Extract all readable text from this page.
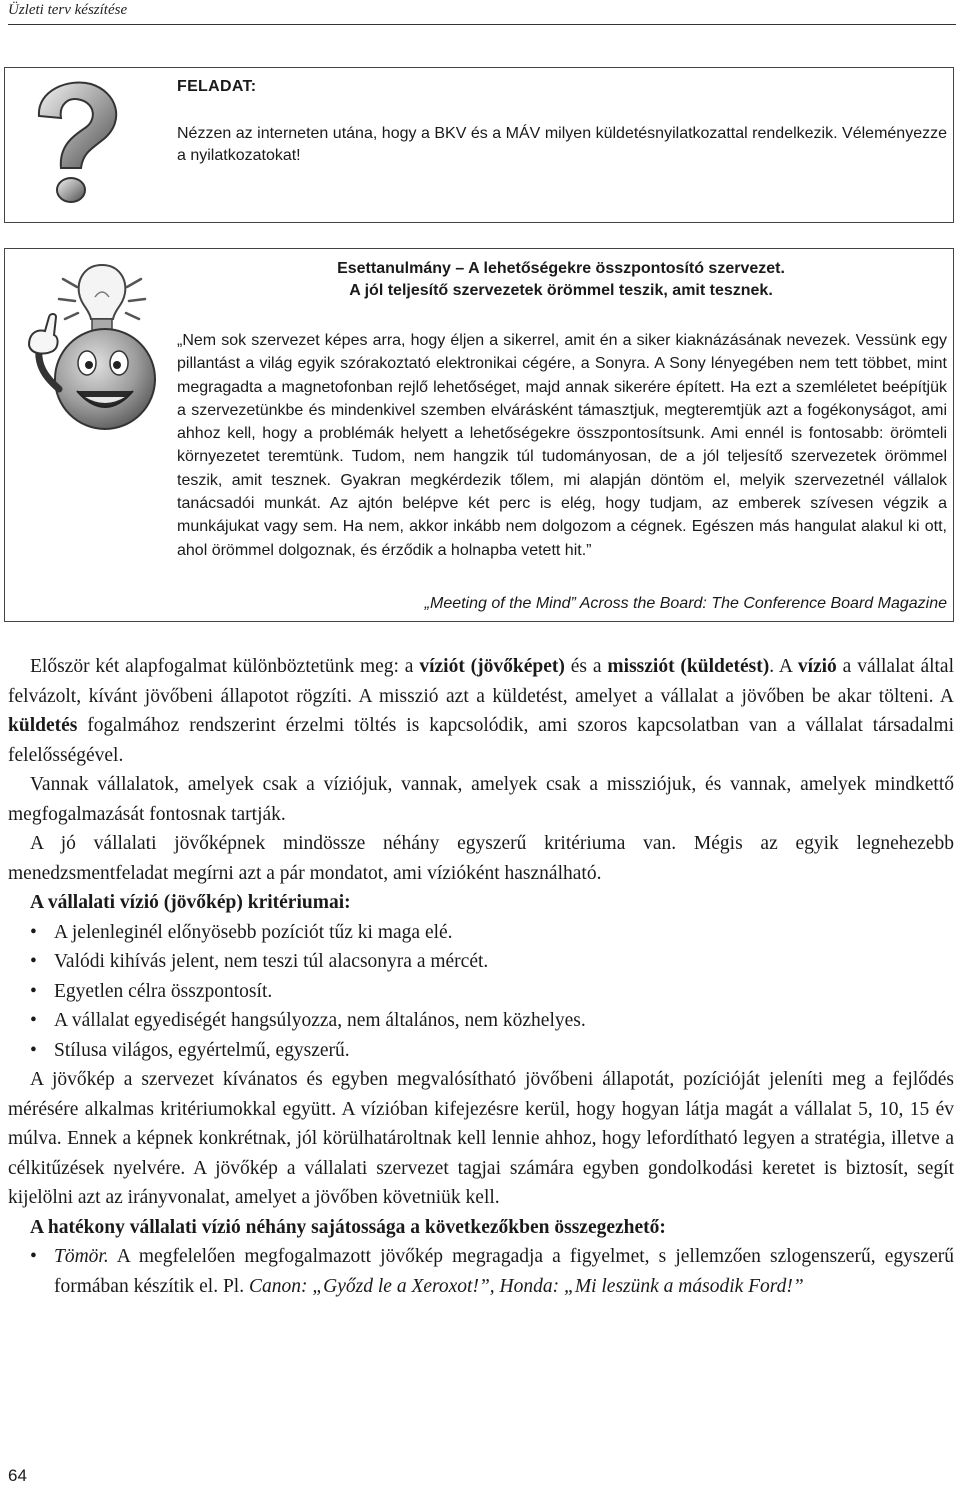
Üzleti terv készítése
FELADAT:

Nézzen az interneten utána, hogy a BKV és a MÁV milyen küldetésnyilatkozattal rendelkezik. Véleményezze a nyilatkozatokat!

Esettanulmány – A lehetőségekre összpontosító szervezet.
A jól teljesítő szervezetek örömmel teszik, amit tesznek.

„Nem sok szervezet képes arra, hogy éljen a sikerrel, amit én a siker kiaknázásának nevezek. Vessünk egy pillantást a világ egyik szórakoztató elektronikai cégére, a Sonyra. A Sony lényegében nem tett többet, mint megragadta a magnetofonban rejlő lehetőséget, majd annak sikerére épített. Ha ezt a szemléletet beépítjük a szervezetünkbe és mindenkivel szemben elvárásként támasztjuk, megteremtjük azt a fogékonyságot, ami ahhoz kell, hogy a problémák helyett a lehetőségekre összpontosítsunk. Ami ennél is fontosabb: örömteli környezetet teremtünk. Tudom, nem hangzik túl tudományosan, de a jól teljesítő szervezetek örömmel teszik, amit tesznek. Gyakran megkérdezik tőlem, mi alapján döntöm el, melyik szervezetnél vállalok tanácsadói munkát. Az ajtón belépve két perc is elég, hogy tudjam, az emberek szívesen végzik a munkájukat vagy sem. Ha nem, akkor inkább nem dolgozom a cégnek. Egészen más hangulat alakul ki ott, ahol örömmel dolgoznak, és érződik a holnapba vetett hit.”

„Meeting of the Mind” Across the Board: The Conference Board Magazine

Először két alapfogalmat különböztetünk meg: a víziót (jövőképet) és a missziót (küldetést). A vízió a vállalat által felvázolt, kívánt jövőbeni állapotot rögzíti. A misszió azt a küldetést, amelyet a vállalat a jövőben be akar tölteni. A küldetés fogalmához rendszerint érzelmi töltés is kapcsolódik, ami szoros kapcsolatban van a vállalat társadalmi felelősségével.

Vannak vállalatok, amelyek csak a víziójuk, vannak, amelyek csak a missziójuk, és vannak, amelyek mindkettő megfogalmazását fontosnak tartják.

A jó vállalati jövőképnek mindössze néhány egyszerű kritériuma van. Mégis az egyik legnehezebb menedzsmentfeladat megírni azt a pár mondatot, ami vízióként használható.

A vállalati vízió (jövőkép) kritériumai:
• A jelenleginél előnyösebb pozíciót tűz ki maga elé.
• Valódi kihívás jelent, nem teszi túl alacsonyra a mércét.
• Egyetlen célra összpontosít.
• A vállalat egyediségét hangsúlyozza, nem általános, nem közhelyes.
• Stílusa világos, egyértelmű, egyszerű.

A jövőkép a szervezet kívánatos és egyben megvalósítható jövőbeni állapotát, pozícióját jeleníti meg a fejlődés mérésére alkalmas kritériumokkal együtt. A vízióban kifejezésre kerül, hogy hogyan látja magát a vállalat 5, 10, 15 év múlva. Ennek a képnek konkrétnak, jól körülhatároltnak kell lennie ahhoz, hogy lefordítható legyen a stratégia, illetve a célkitűzések nyelvére. A jövőkép a vállalati szervezet tagjai számára egyben gondolkodási keretet is biztosít, segít kijelölni azt az irányvonalat, amelyet a jövőben követniük kell.

A hatékony vállalati vízió néhány sajátossága a következőkben összegezhető:
• Tömör. A megfelelően megfogalmazott jövőkép megragadja a figyelmet, s jellemzően szlogenszerű, egyszerű formában készítik el. Pl. Canon: „Győzd le a Xeroxot!”, Honda: „Mi leszünk a második Ford!”
64
